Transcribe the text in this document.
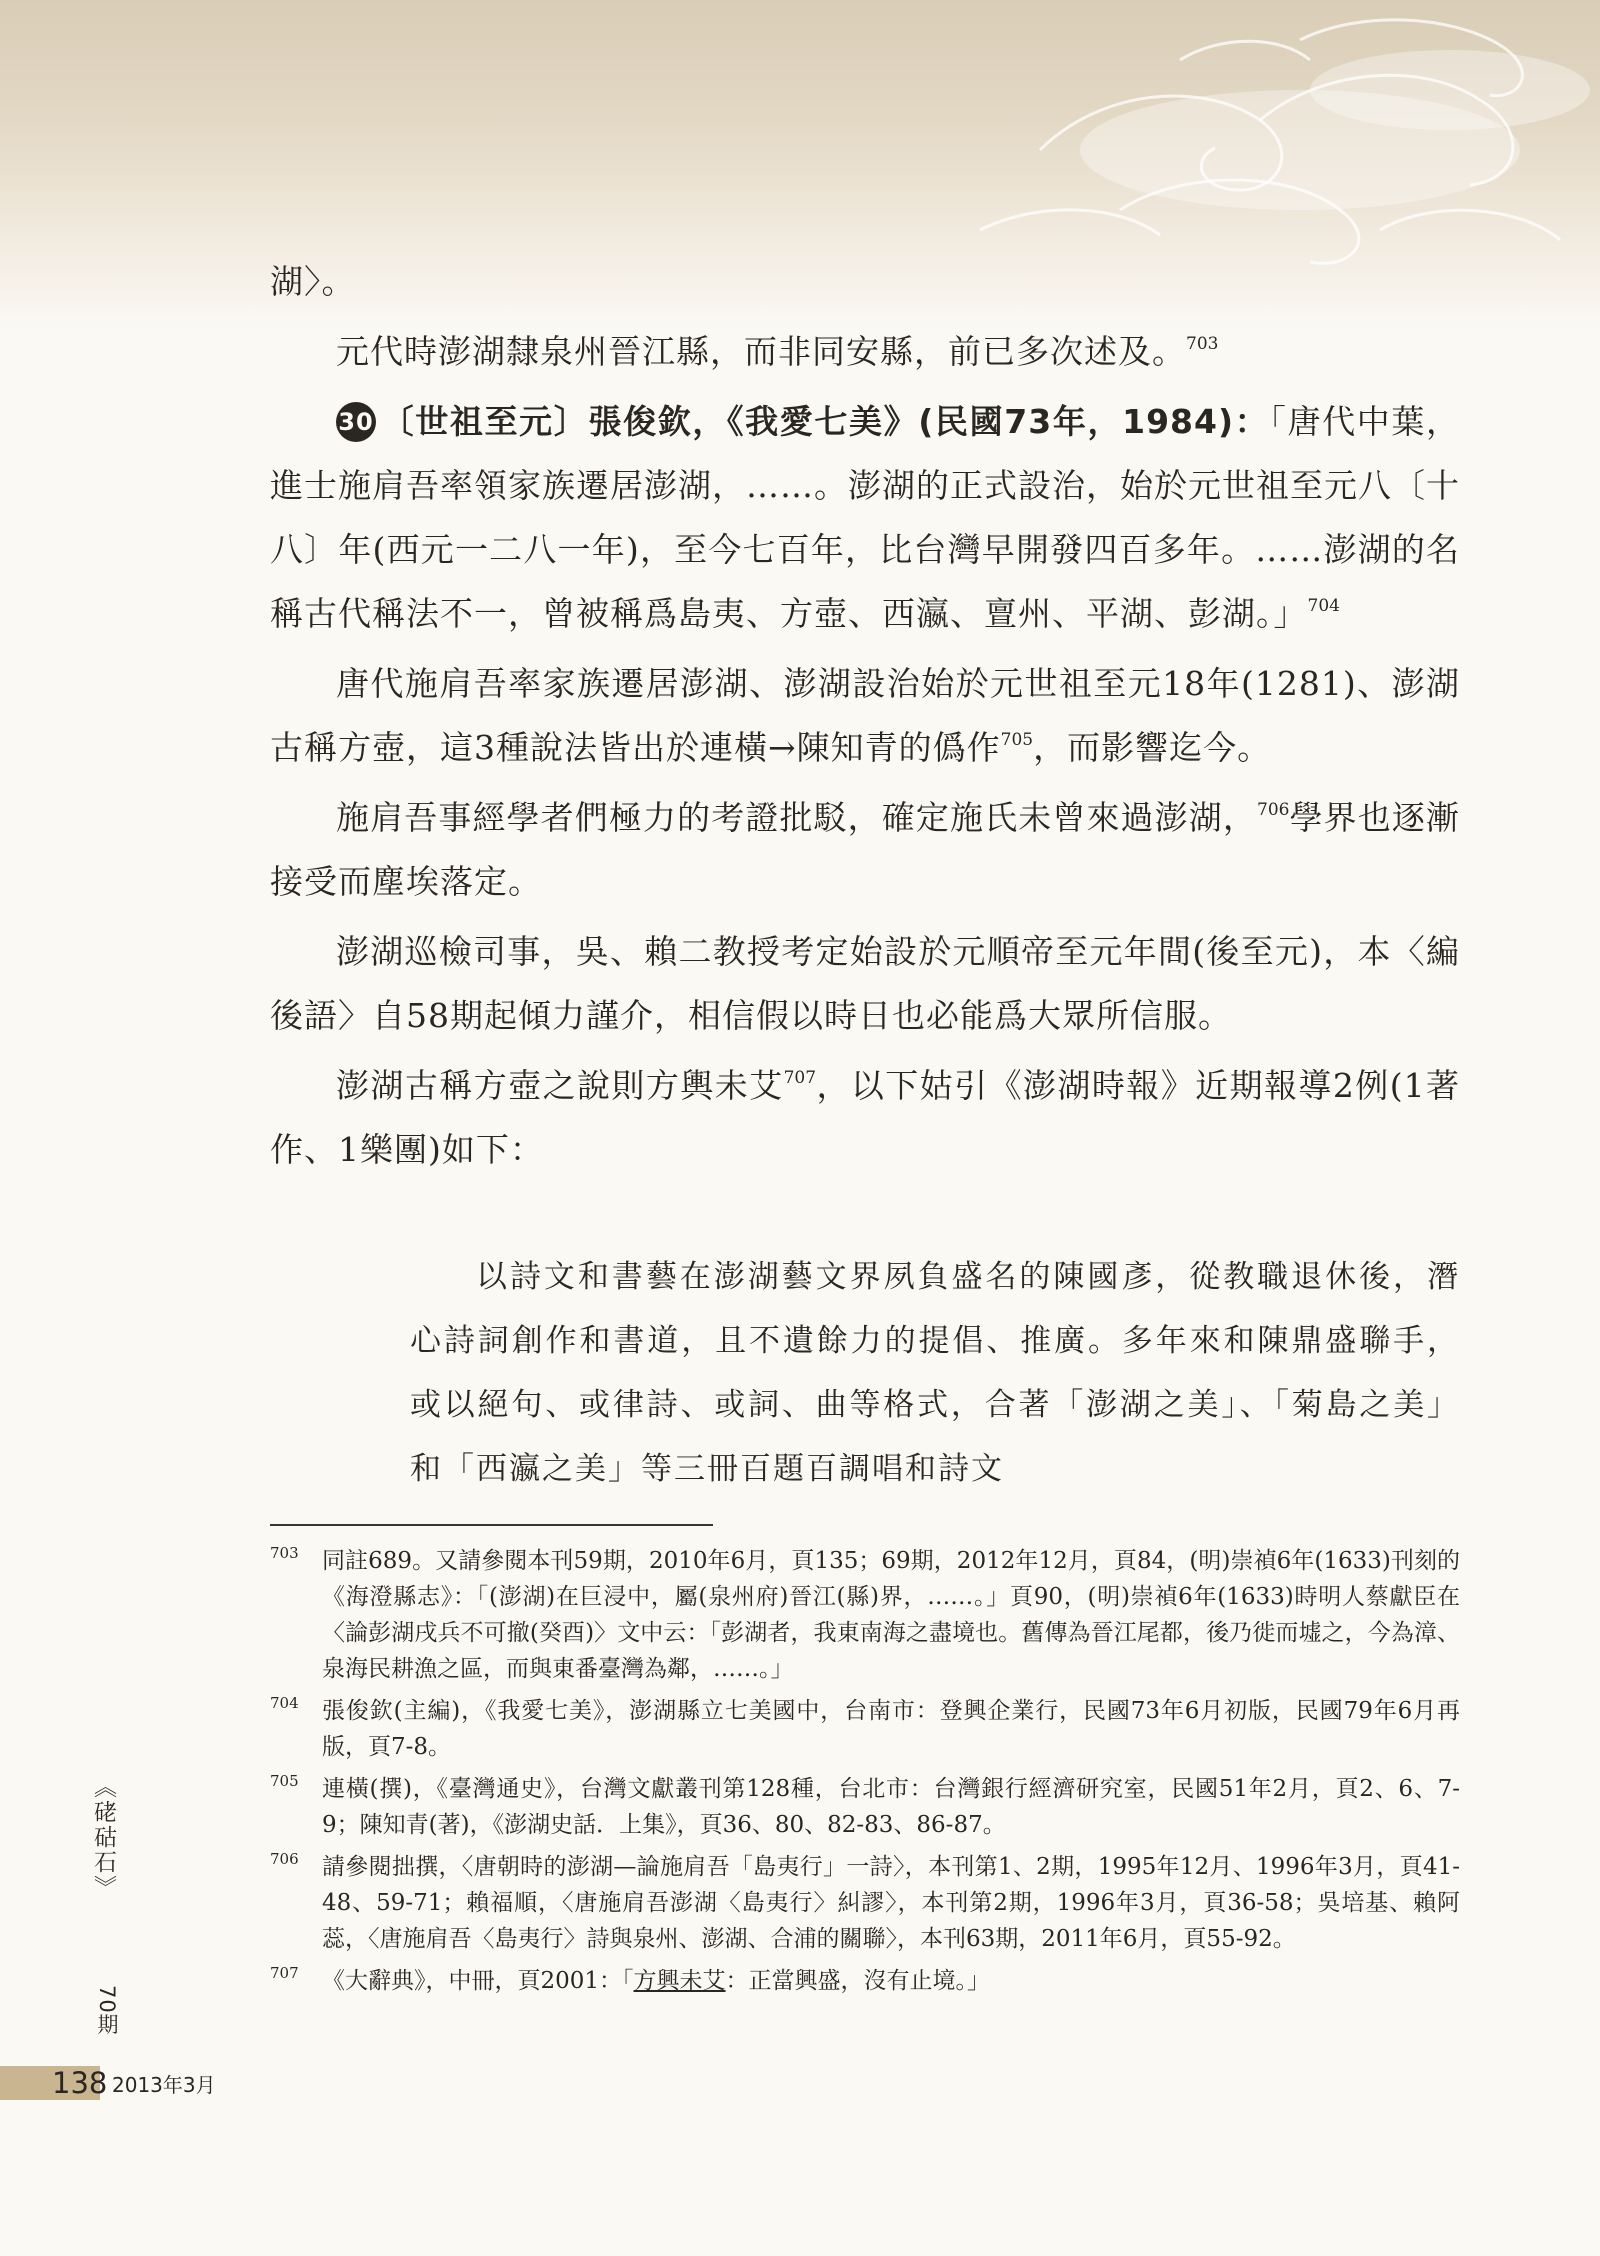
湖〉。

元代時澎湖隸泉州晉江縣，而非同安縣，前已多次述及。$^{703}$

30 〔世祖至元〕張俊欽，《我愛七美》(民國73年，1984)：「唐代中葉，進士施肩吾率領家族遷居澎湖，……。澎湖的正式設治，始於元世祖至元八〔十八〕年(西元一二八一年)，至今七百年，比台灣早開發四百多年。……澎湖的名稱古代稱法不一，曾被稱爲島夷、方壺、西瀛、亶州、平湖、彭湖。」$^{704}$

唐代施肩吾率家族遷居澎湖、澎湖設治始於元世祖至元18年(1281)、澎湖古稱方壺，這3種說法皆出於連橫→陳知青的僞作$^{705}$，而影響迄今。

施肩吾事經學者們極力的考證批駁，確定施氏未曾來過澎湖，$^{706}$學界也逐漸接受而塵埃落定。

澎湖巡檢司事，吳、賴二教授考定始設於元順帝至元年間(後至元)，本〈編後語〉自58期起傾力謹介，相信假以時日也必能爲大眾所信服。

澎湖古稱方壺之說則方輿未艾$^{707}$，以下姑引《澎湖時報》近期報導2例(1著作、1樂團)如下：

以詩文和書藝在澎湖藝文界夙負盛名的陳國彥，從教職退休後，潛心詩詞創作和書道，且不遺餘力的提倡、推廣。多年來和陳鼎盛聯手，或以絕句、或律詩、或詞、曲等格式，合著「澎湖之美」、「菊島之美」和「西瀛之美」等三冊百題百調唱和詩文

703 同註689。又請參閱本刊59期，2010年6月，頁135；69期，2012年12月，頁84，(明)崇禎6年(1633)刊刻的《海澄縣志》：「(澎湖)在巨浸中，屬(泉州府)晉江(縣)界，……。」頁90，(明)崇禎6年(1633)時明人蔡獻臣在〈論彭湖戌兵不可撤(癸酉)〉文中云：「彭湖者，我東南海之盡境也。舊傳為晉江尾都，後乃徙而墟之，今為漳、泉海民耕漁之區，而與東番臺灣為鄰，……。」
704 張俊欽(主編)，《我愛七美》，澎湖縣立七美國中，台南市：登興企業行，民國73年6月初版，民國79年6月再版，頁7-8。
705 連橫(撰)，《臺灣通史》，台灣文獻叢刊第128種，台北市：台灣銀行經濟研究室，民國51年2月，頁2、6、7-9；陳知青(著)，《澎湖史話．上集》，頁36、80、82-83、86-87。
706 請參閱拙撰，〈唐朝時的澎湖—論施肩吾「島夷行」一詩〉，本刊第1、2期，1995年12月、1996年3月，頁41-48、59-71；賴福順，〈唐施肩吾澎湖〈島夷行〉糾謬〉，本刊第2期，1996年3月，頁36-58；吳培基、賴阿蕊，〈唐施肩吾〈島夷行〉詩與泉州、澎湖、合浦的關聯〉，本刊63期，2011年6月，頁55-92。
707 《大辭典》，中冊，頁2001：「方興未艾：正當興盛，沒有止境。」
《硓𥑮石》
70期
138 2013年3月
